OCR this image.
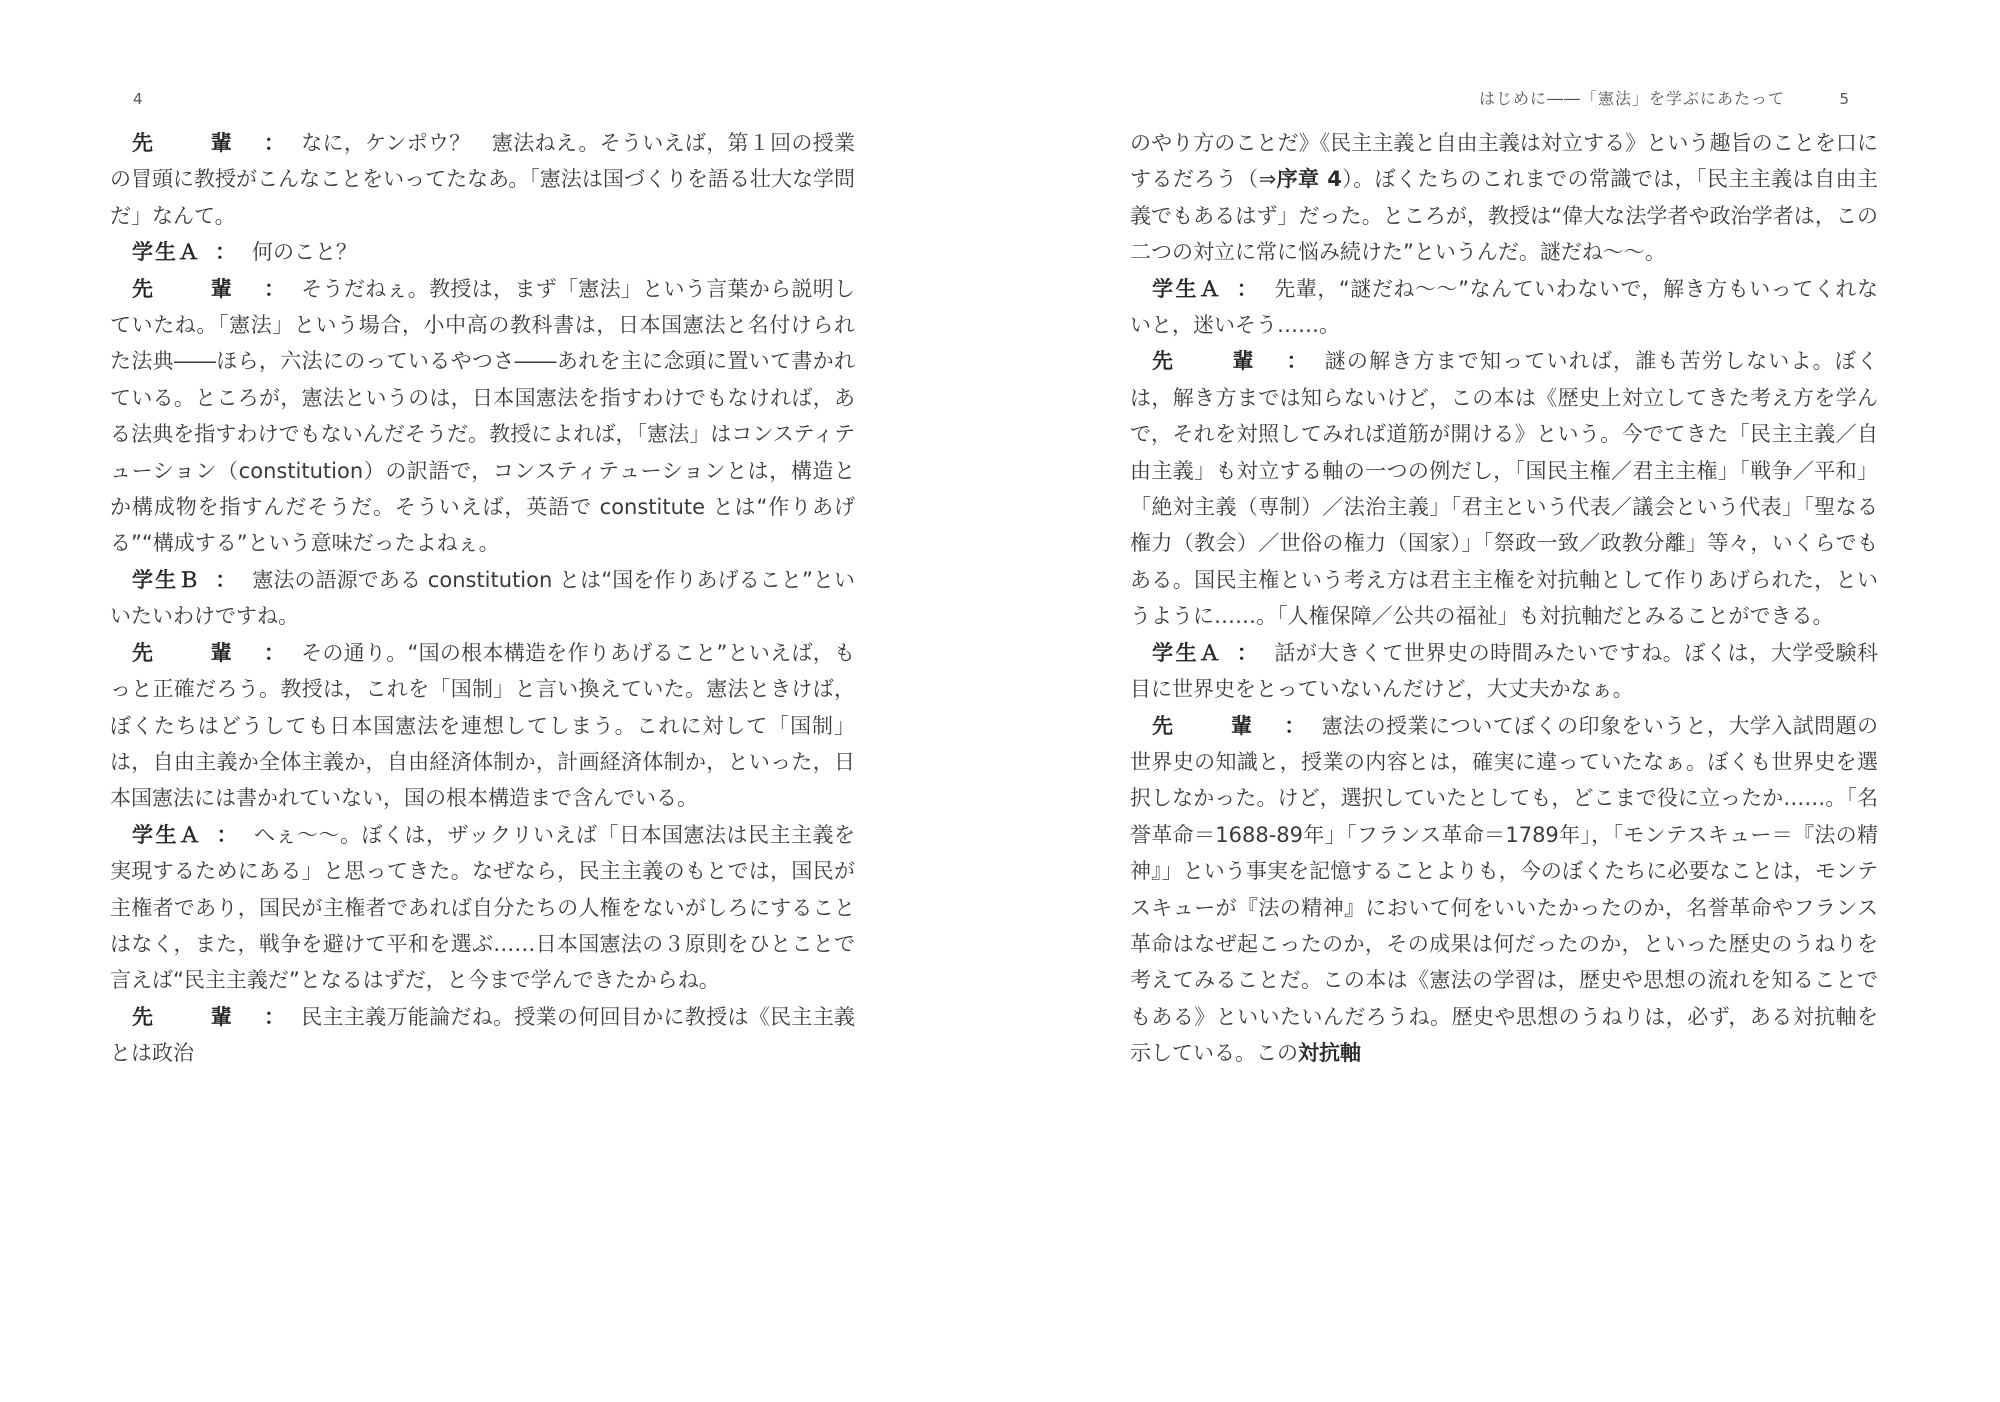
4

先　輩 ： なに，ケンポウ？　憲法ねえ。そういえば，第１回の授業の冒頭に教授がこんなことをいってたなあ。「憲法は国づくりを語る壮大な学問だ」なんて。

学生Ａ ： 何のこと？

先　輩 ： そうだねぇ。教授は，まず「憲法」という言葉から説明していたね。「憲法」という場合，小中高の教科書は，日本国憲法と名付けられた法典――ほら，六法にのっているやつさ――あれを主に念頭に置いて書かれている。ところが，憲法というのは，日本国憲法を指すわけでもなければ，ある法典を指すわけでもないんだそうだ。教授によれば，「憲法」はコンスティテューション（constitution）の訳語で，コンスティテューションとは，構造とか構成物を指すんだそうだ。そういえば，英語で constitute とは“作りあげる”“構成する”という意味だったよねぇ。

学生Ｂ ： 憲法の語源である constitution とは“国を作りあげること”といいたいわけですね。

先　輩 ： その通り。“国の根本構造を作りあげること”といえば，もっと正確だろう。教授は，これを「国制」と言い換えていた。憲法ときけば，ぼくたちはどうしても日本国憲法を連想してしまう。これに対して「国制」は，自由主義か全体主義か，自由経済体制か，計画経済体制か，といった，日本国憲法には書かれていない，国の根本構造まで含んでいる。

学生Ａ ： へぇ～～。ぼくは，ザックリいえば「日本国憲法は民主主義を実現するためにある」と思ってきた。なぜなら，民主主義のもとでは，国民が主権者であり，国民が主権者であれば自分たちの人権をないがしろにすることはなく，また，戦争を避けて平和を選ぶ……日本国憲法の３原則をひとことで言えば“民主主義だ”となるはずだ，と今まで学んできたからね。

先　輩 ： 民主主義万能論だね。授業の何回目かに教授は《民主主義とは政治

はじめに――「憲法」を学ぶにあたって	5

のやり方のことだ》《民主主義と自由主義は対立する》という趣旨のことを口にするだろう（⇒序章 4）。ぼくたちのこれまでの常識では，「民主主義は自由主義でもあるはず」だった。ところが，教授は“偉大な法学者や政治学者は，この二つの対立に常に悩み続けた”というんだ。謎だね～～。

学生Ａ ： 先輩，“謎だね～～”なんていわないで，解き方もいってくれないと，迷いそう……。

先　輩 ： 謎の解き方まで知っていれば，誰も苦労しないよ。ぼくは，解き方までは知らないけど，この本は《歴史上対立してきた考え方を学んで，それを対照してみれば道筋が開ける》という。今でてきた「民主主義／自由主義」も対立する軸の一つの例だし，「国民主権／君主主権」「戦争／平和」「絶対主義（専制）／法治主義」「君主という代表／議会という代表」「聖なる権力（教会）／世俗の権力（国家）」「祭政一致／政教分離」等々，いくらでもある。国民主権という考え方は君主主権を対抗軸として作りあげられた，というように……。「人権保障／公共の福祉」も対抗軸だとみることができる。

学生Ａ ： 話が大きくて世界史の時間みたいですね。ぼくは，大学受験科目に世界史をとっていないんだけど，大丈夫かなぁ。

先　輩 ： 憲法の授業についてぼくの印象をいうと，大学入試問題の世界史の知識と，授業の内容とは，確実に違っていたなぁ。ぼくも世界史を選択しなかった。けど，選択していたとしても，どこまで役に立ったか……。「名誉革命＝1688-89年」「フランス革命＝1789年」，「モンテスキュー＝『法の精神』」という事実を記憶することよりも，今のぼくたちに必要なことは，モンテスキューが『法の精神』において何をいいたかったのか，名誉革命やフランス革命はなぜ起こったのか，その成果は何だったのか，といった歴史のうねりを考えてみることだ。この本は《憲法の学習は，歴史や思想の流れを知ることでもある》といいたいんだろうね。歴史や思想のうねりは，必ず，ある対抗軸を示している。この対抗軸
